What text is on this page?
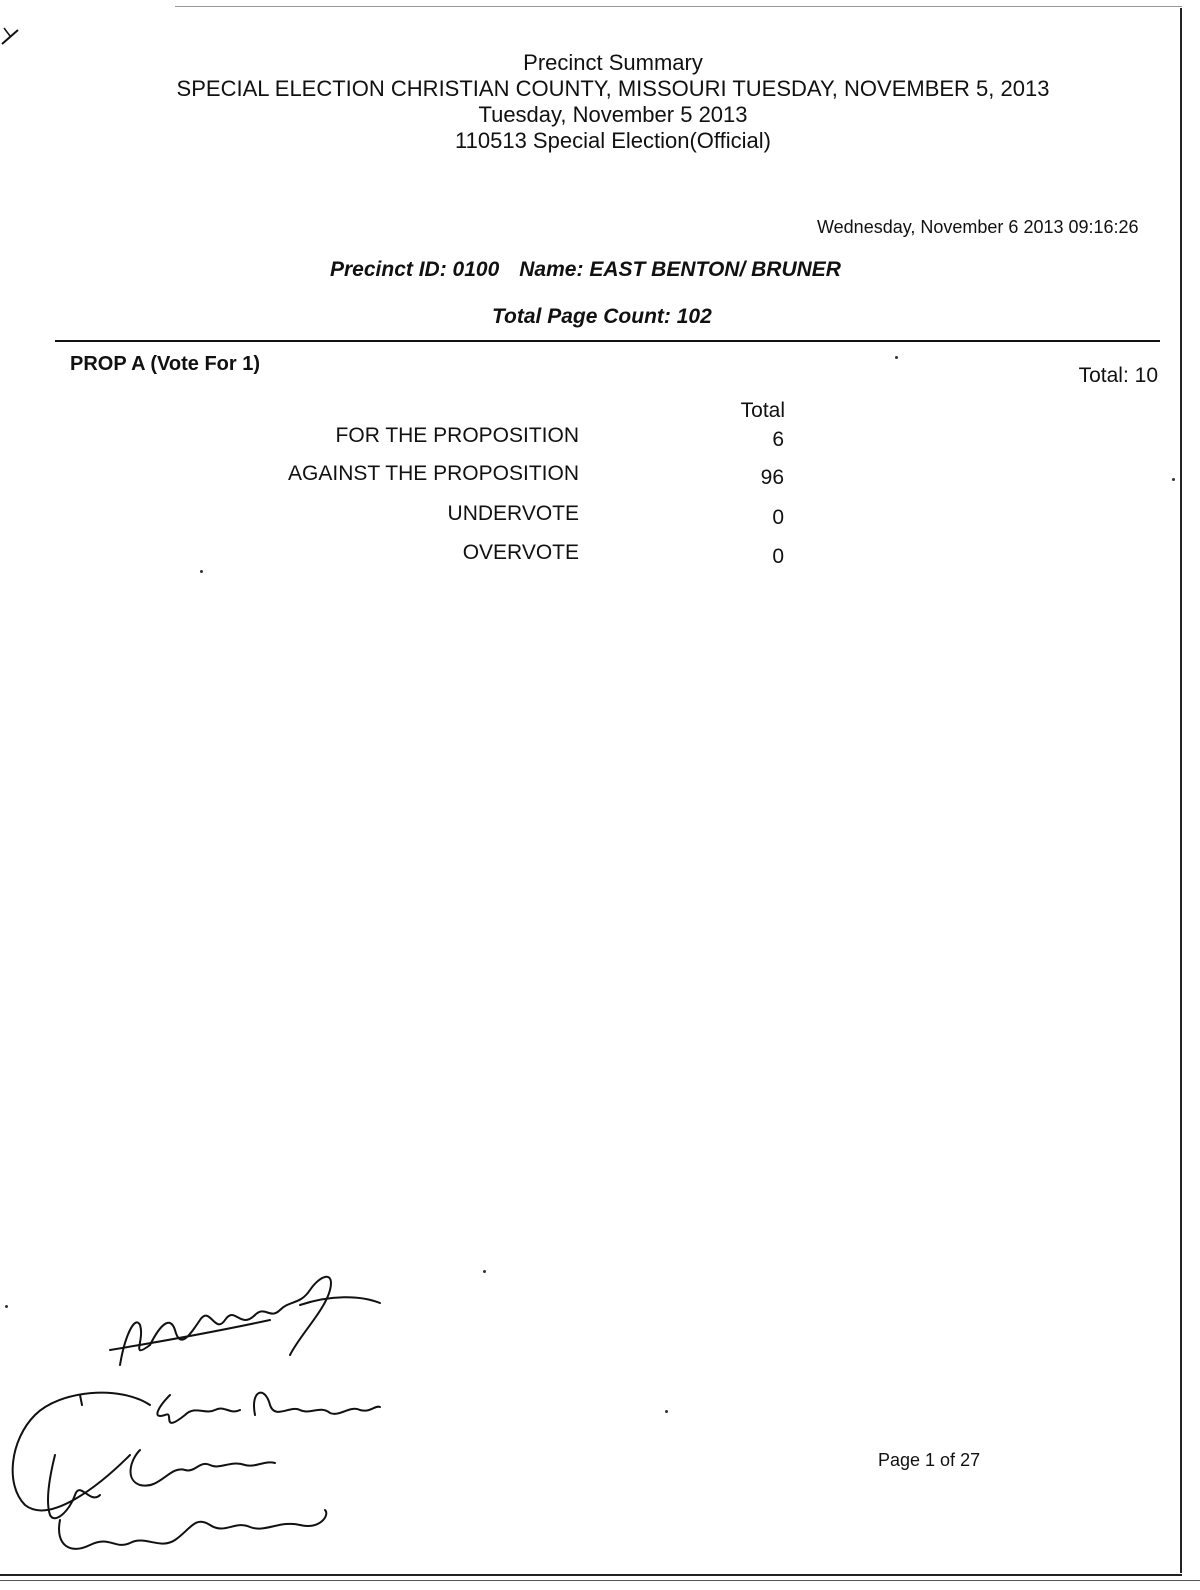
Precinct Summary
SPECIAL ELECTION CHRISTIAN COUNTY, MISSOURI TUESDAY, NOVEMBER 5, 2013
Tuesday, November 5 2013
110513 Special Election(Official)
Wednesday, November 6 2013 09:16:26
Precinct ID: 0100 Name: EAST BENTON/ BRUNER
Total Page Count: 102
PROP A (Vote For 1)	Total: 10
Total
FOR THE PROPOSITION	6
AGAINST THE PROPOSITION	96
UNDERVOTE	0
OVERVOTE	0
Page 1 of 27
